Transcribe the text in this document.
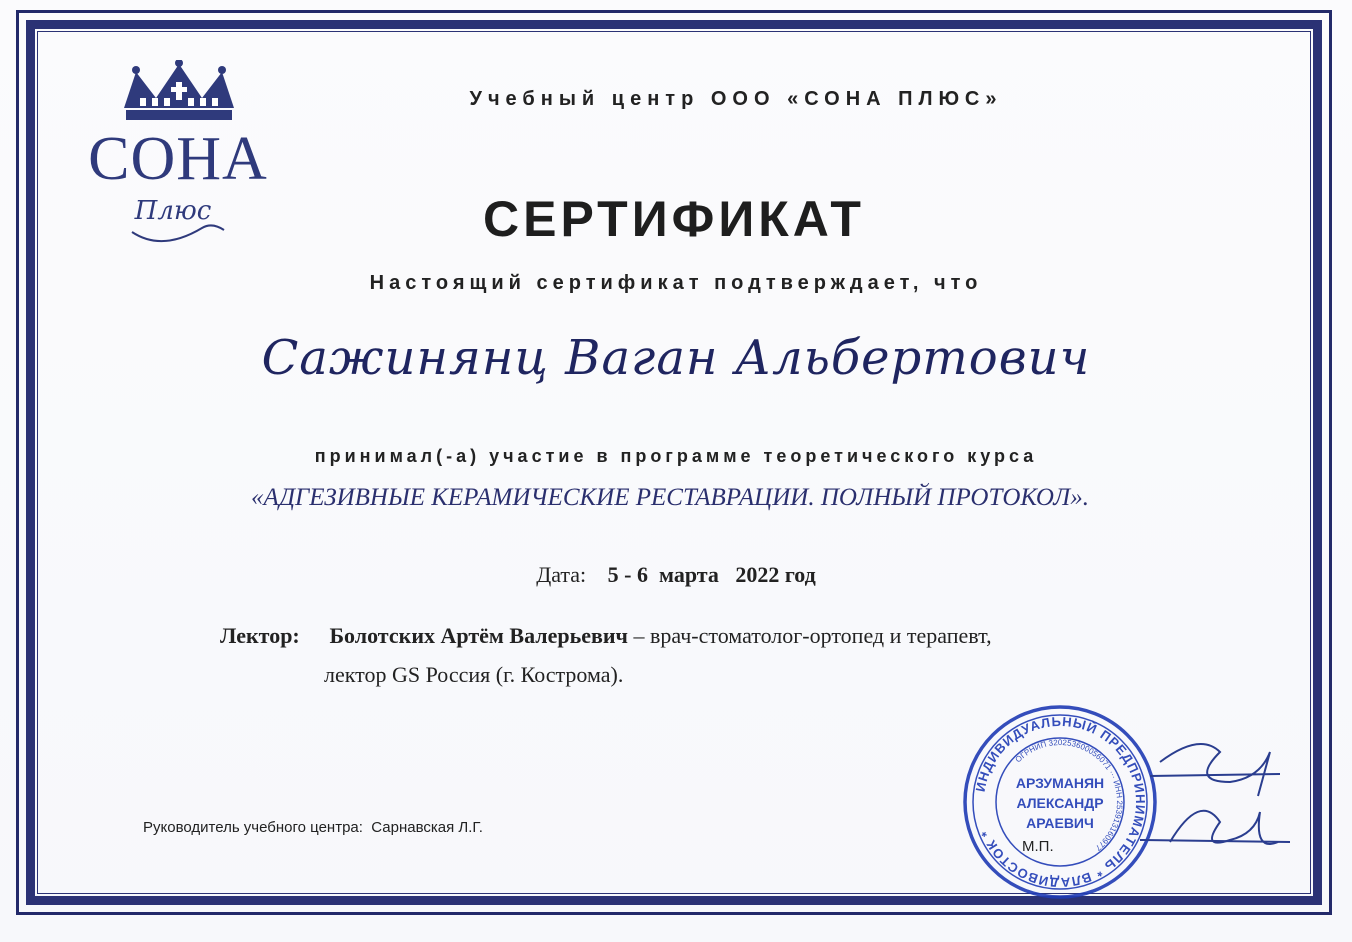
СОНА
Плюс
Учебный центр ООО «СОНА ПЛЮС»
СЕРТИФИКАТ
Настоящий сертификат подтверждает, что
Сажинянц Ваган Альбертович
принимал(-а) участие в программе теоретического курса
«АДГЕЗИВНЫЕ КЕРАМИЧЕСКИЕ РЕСТАВРАЦИИ. ПОЛНЫЙ ПРОТОКОЛ».
Дата: 5 - 6  марта   2022 год
Лектор: Болотских Артём Валерьевич – врач-стоматолог-ортопед и терапевт,
лектор GS Россия (г. Кострома).
Руководитель учебного центра:  Сарнавская Л.Г.
ИНДИВИДУАЛЬНЫЙ ПРЕДПРИНИМАТЕЛЬ * ВЛАДИВОСТОК *
ОГРНИП 320253600056071 ··· ИНН 253913160977
АРЗУМАНЯН
АЛЕКСАНДР
АРАЕВИЧ
М.П.
